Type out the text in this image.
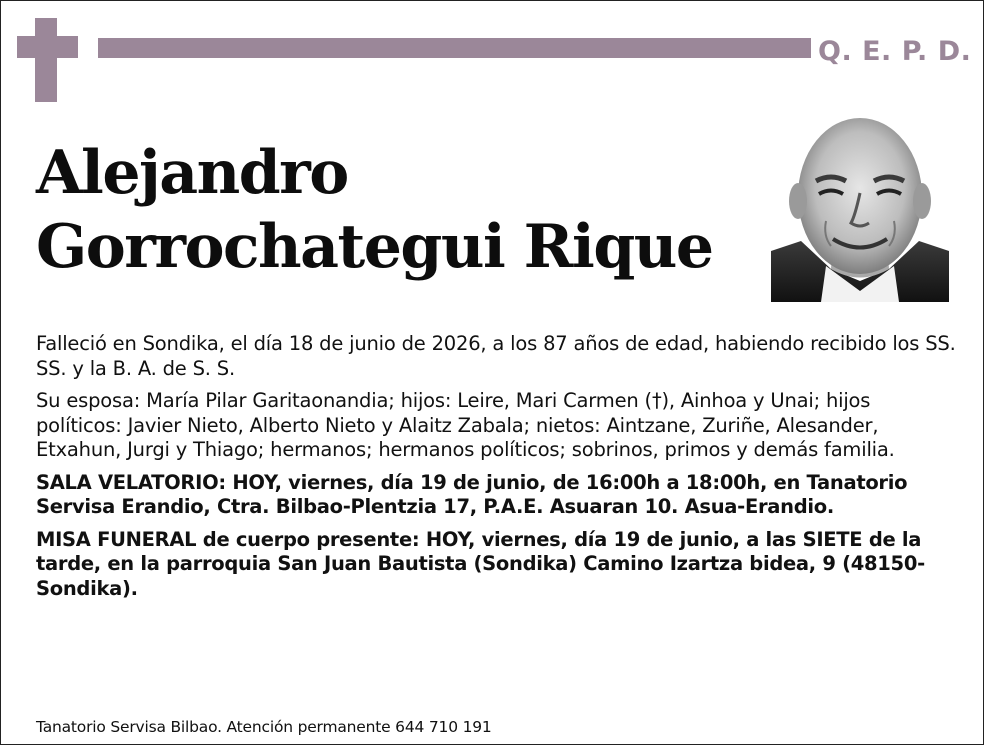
Q. E. P. D.
Alejandro
Gorrochategui Rique

Falleció en Sondika, el día 18 de junio de 2026, a los 87 años de edad, habiendo recibido los SS. SS. y la B. A. de S. S.

Su esposa: María Pilar Garitaonandia; hijos: Leire, Mari Carmen (†), Ainhoa y Unai; hijos políticos: Javier Nieto, Alberto Nieto y Alaitz Zabala; nietos: Aintzane, Zuriñe, Alesander, Etxahun, Jurgi y Thiago; hermanos; hermanos políticos; sobrinos, primos y demás familia.

SALA VELATORIO: HOY, viernes, día 19 de junio, de 16:00h a 18:00h, en Tanatorio Servisa Erandio, Ctra. Bilbao-Plentzia 17, P.A.E. Asuaran 10. Asua-Erandio.

MISA FUNERAL de cuerpo presente: HOY, viernes, día 19 de junio, a las SIETE de la tarde, en la parroquia San Juan Bautista (Sondika) Camino Izartza bidea, 9 (48150-Sondika).

Tanatorio Servisa Bilbao. Atención permanente 644 710 191
